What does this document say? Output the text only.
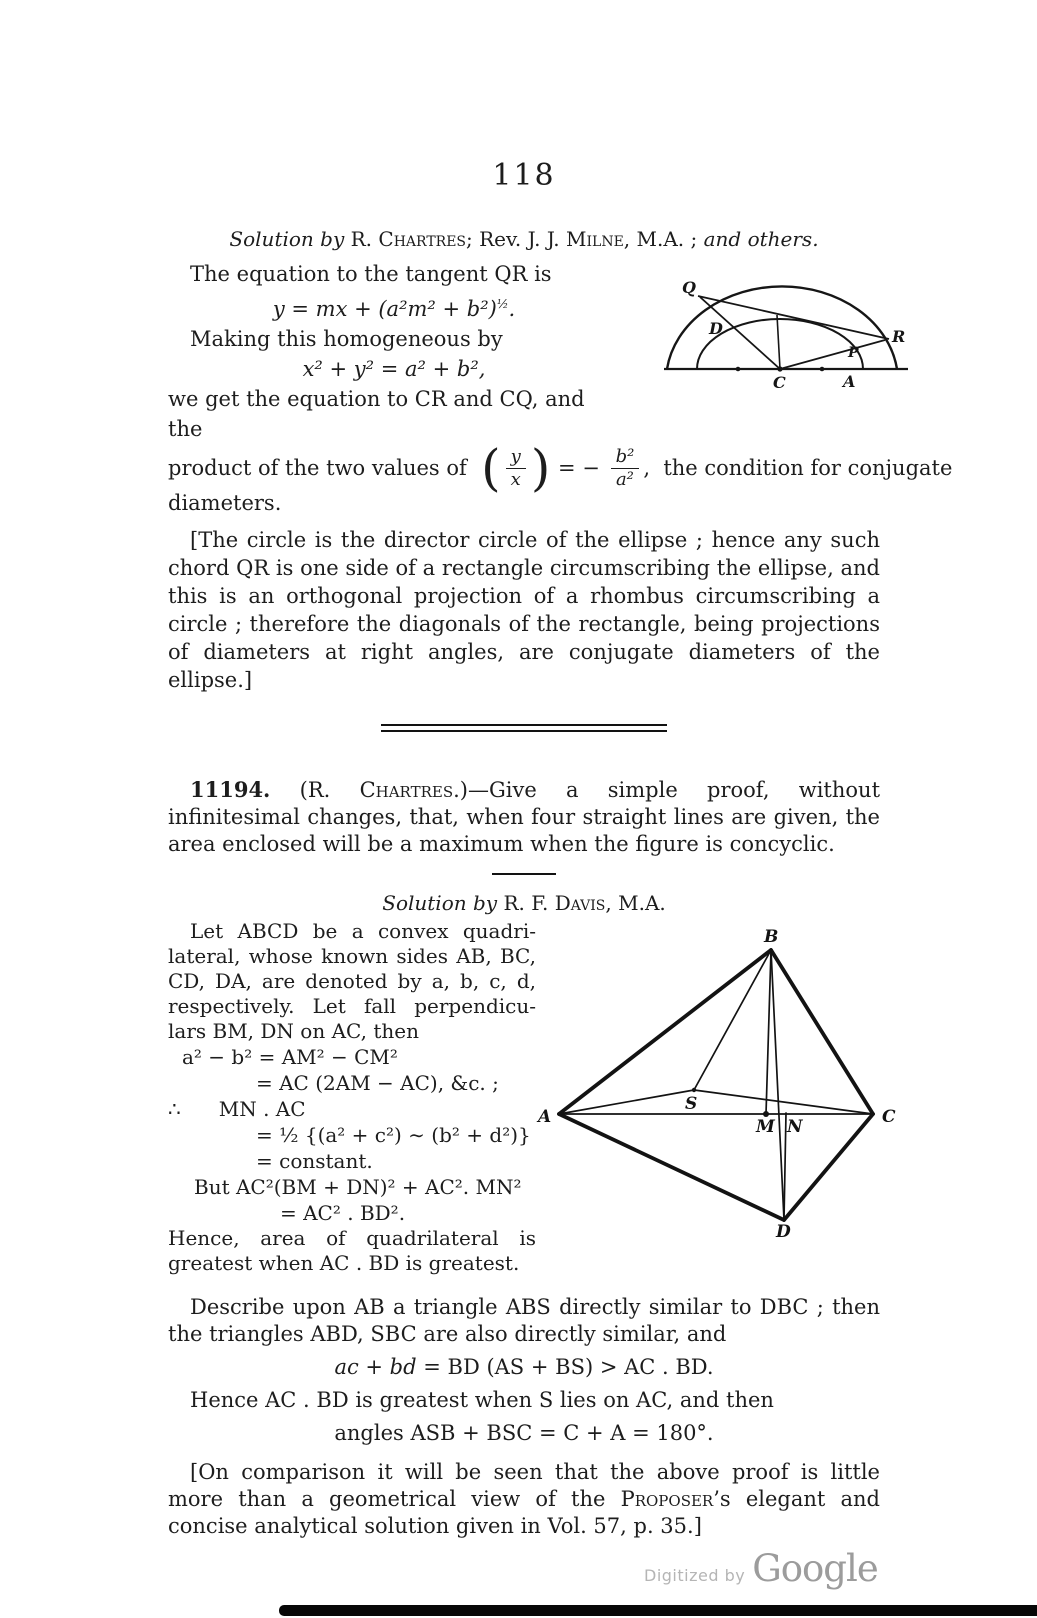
118
Solution by R. Chartres; Rev. J. J. Milne, M.A. ; and others.
The equation to the tangent QR is
y = mx + $(a^2m^2 + b^2)^{\frac{1}{2}}$.
Making this homogeneous by
x² + y² = a² + b²,
we get the equation to CR and CQ, and the
Q
D
P
R
C	A
product of the two values of ( $\frac{y}{x}$ ) = − $\frac{\text{b²}}{\text{a²}}$ ,  the condition for conjugate
diameters.
[The circle is the director circle of the ellipse ; hence any such chord QR is one side of a rectangle circumscribing the ellipse, and this is an orthogonal projection of a rhombus circumscribing a circle ; therefore the diagonals of the rectangle, being projections of diameters at right angles, are conjugate diameters of the ellipse.]
11194. (R. Chartres.)—Give a simple proof, without infinitesimal changes, that, when four straight lines are given, the area enclosed will be a maximum when the figure is concyclic.
Solution by R. F. Davis, M.A.
Let ABCD be a convex quadri-
lateral, whose known sides AB, BC,
CD, DA, are denoted by a, b, c, d,
respectively. Let fall perpendicu-
lars BM, DN on AC, then
a² − b² = AM² − CM²
= AC (2AM − AC), &c. ;
∴ MN . AC
= ½ {(a² + c²) ∼ (b² + d²)}
= constant.
But AC²(BM + DN)² + AC². MN²
= AC² . BD².
Hence, area of quadrilateral is
greatest when AC . BD is greatest.
A
B
C
D
S
M N
Describe upon AB a triangle ABS directly similar to DBC ; then the triangles ABD, SBC are also directly similar, and
ac + bd = BD (AS + BS) > AC . BD.
Hence AC . BD is greatest when S lies on AC, and then
angles ASB + BSC = C + A = 180°.
[On comparison it will be seen that the above proof is little more than a geometrical view of the Proposer’s elegant and concise analytical solution given in Vol. 57, p. 35.]
Digitized by Google
